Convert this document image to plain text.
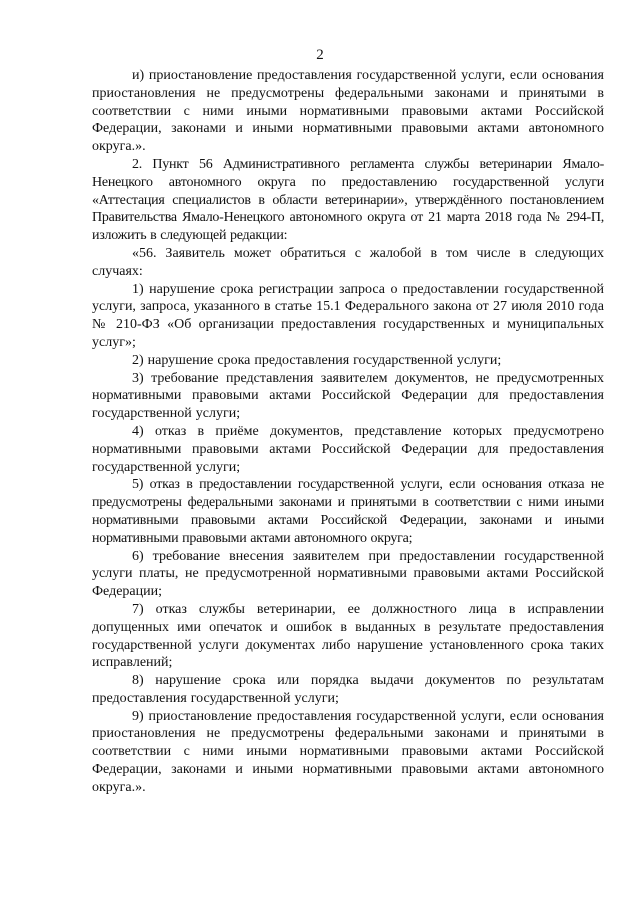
2

и) приостановление предоставления государственной услуги, если основания приостановления не предусмотрены федеральными законами и принятыми в соответствии с ними иными нормативными правовыми актами Российской Федерации, законами и иными нормативными правовыми актами автономного округа.».

2. Пункт 56 Административного регламента службы ветеринарии Ямало-Ненецкого автономного округа по предоставлению государственной услуги «Аттестация специалистов в области ветеринарии», утверждённого постановлением Правительства Ямало-Ненецкого автономного округа от 21 марта 2018 года № 294-П, изложить в следующей редакции:

«56. Заявитель может обратиться с жалобой в том числе в следующих случаях:

1) нарушение срока регистрации запроса о предоставлении государственной услуги, запроса, указанного в статье 15.1 Федерального закона от 27 июля 2010 года № 210-ФЗ «Об организации предоставления государственных и муниципальных услуг»;

2) нарушение срока предоставления государственной услуги;

3) требование представления заявителем документов, не предусмотренных нормативными правовыми актами Российской Федерации для предоставления государственной услуги;

4) отказ в приёме документов, представление которых предусмотрено нормативными правовыми актами Российской Федерации для предоставления государственной услуги;

5) отказ в предоставлении государственной услуги, если основания отказа не предусмотрены федеральными законами и принятыми в соответствии с ними иными нормативными правовыми актами Российской Федерации, законами и иными нормативными правовыми актами автономного округа;

6) требование внесения заявителем при предоставлении государственной услуги платы, не предусмотренной нормативными правовыми актами Российской Федерации;

7) отказ службы ветеринарии, ее должностного лица в исправлении допущенных ими опечаток и ошибок в выданных в результате предоставления государственной услуги документах либо нарушение установленного срока таких исправлений;

8) нарушение срока или порядка выдачи документов по результатам предоставления государственной услуги;

9) приостановление предоставления государственной услуги, если основания приостановления не предусмотрены федеральными законами и принятыми в соответствии с ними иными нормативными правовыми актами Российской Федерации, законами и иными нормативными правовыми актами автономного округа.».
